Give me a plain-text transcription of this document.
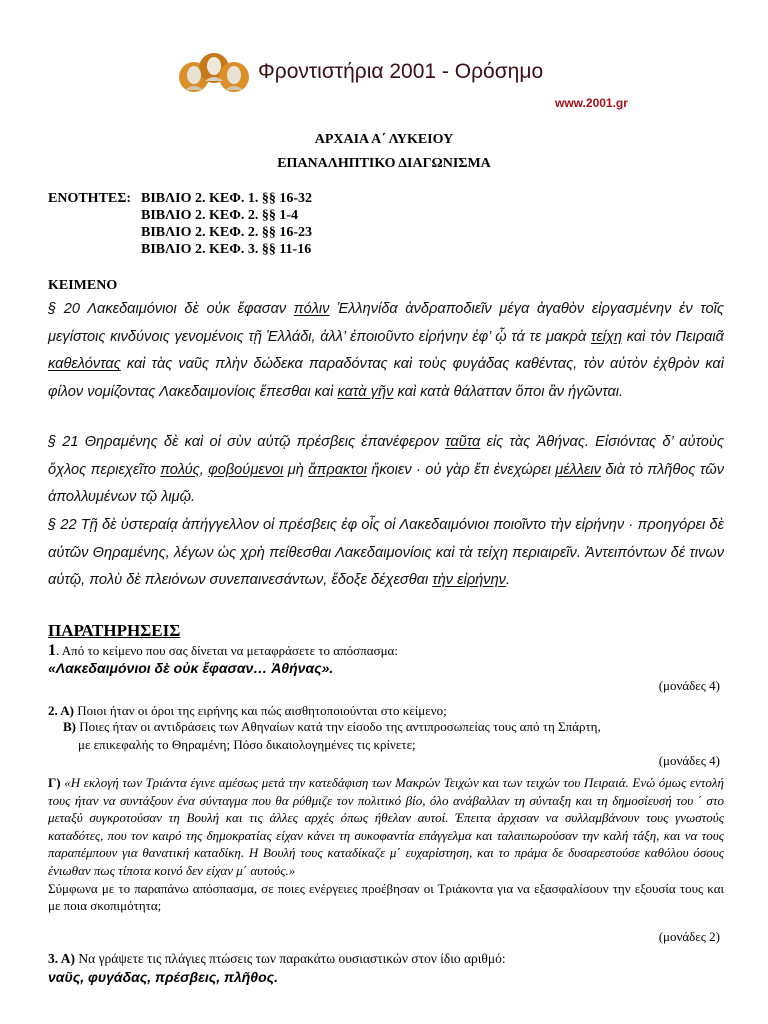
Φροντιστήρια 2001 - Ορόσημο
www.2001.gr
ΑΡΧΑΙΑ Α΄ ΛΥΚΕΙΟΥ
ΕΠΑΝΑΛΗΠΤΙΚΟ ΔΙΑΓΩΝΙΣΜΑ
ΕΝΟΤΗΤΕΣ: ΒΙΒΛΙΟ 2. ΚΕΦ. 1. §§ 16-32
ΒΙΒΛΙΟ 2. ΚΕΦ. 2. §§ 1-4
ΒΙΒΛΙΟ 2. ΚΕΦ. 2. §§ 16-23
ΒΙΒΛΙΟ 2. ΚΕΦ. 3. §§ 11-16
ΚΕΙΜΕΝΟ
§ 20 Λακεδαιμόνιοι δὲ οὐκ ἔφασαν πόλιν Ἑλληνίδα ἀνδραποδιεῖν μέγα ἀγαθὸν εἰργασμένην ἐν τοῖς μεγίστοις κινδύνοις γενομένοις τῇ Ἑλλάδι, ἀλλ’ ἐποιοῦντο εἰρήνην ἐφ’ ᾧ τά τε μακρὰ τείχη καὶ τὸν Πειραιᾶ καθελόντας καὶ τὰς ναῦς πλὴν δώδεκα παραδόντας καὶ τοὺς φυγάδας καθέντας, τὸν αὐτὸν ἐχθρὸν καὶ φίλον νομίζοντας Λακεδαιμονίοις ἕπεσθαι καὶ κατὰ γῆν καὶ κατὰ θάλατταν ὅποι ἂν ἡγῶνται.
§ 21 Θηραμένης δὲ καὶ οἱ σὺν αὐτῷ πρέσβεις ἐπανέφερον ταῦτα εἰς τὰς Ἀθήνας. Εἰσιόντας δ’ αὐτοὺς ὄχλος περιεχεῖτο πολύς, φοβούμενοι μὴ ἄπρακτοι ἥκοιεν · οὐ γὰρ ἔτι ἐνεχώρει μέλλειν διὰ τὸ πλῆθος τῶν ἀπολλυμένων τῷ λιμῷ.
§ 22 Τῇ δὲ ὑστεραίᾳ ἀπήγγελλον οἱ πρέσβεις ἐφ οἷς οἱ Λακεδαιμόνιοι ποιοῖντο τὴν εἰρήνην · προηγόρει δὲ αὐτῶν Θηραμένης, λέγων ὡς χρὴ πείθεσθαι Λακεδαιμονίοις καὶ τὰ τείχη περιαιρεῖν. Ἀντειπόντων δέ τινων αὐτῷ, πολὺ δὲ πλειόνων συνεπαινεσάντων, ἔδοξε δέχεσθαι τὴν εἰρήνην.
ΠΑΡΑΤΗΡΗΣΕΙΣ
1. Από το κείμενο που σας δίνεται να μεταφράσετε το απόσπασμα:
«Λακεδαιμόνιοι δὲ οὐκ ἔφασαν… Ἀθήνας».
(μονάδες 4)
2. Α) Ποιοι ήταν οι όροι της ειρήνης και πώς αισθητοποιούνται στο κείμενο;
Β) Ποιες ήταν οι αντιδράσεις των Αθηναίων κατά την είσοδο της αντιπροσωπείας τους από τη Σπάρτη,
με επικεφαλής το Θηραμένη; Πόσο δικαιολογημένες τις κρίνετε;
(μονάδες 4)
Γ) «Η εκλογή των Τριάντα έγινε αμέσως μετά την κατεδάφιση των Μακρών Τειχών και των τειχών του Πειραιά. Ενώ όμως εντολή τους ήταν να συντάξουν ένα σύνταγμα που θα ρύθμιζε τον πολιτικό βίο, όλο ανάβαλλαν τη σύνταξη και τη δημοσίευσή του ΄ στο μεταξύ συγκροτούσαν τη Βουλή και τις άλλες αρχές όπως ήθελαν αυτοί. Έπειτα άρχισαν να συλλαμβάνουν τους γνωστούς καταδότες, που τον καιρό της δημοκρατίας είχαν κάνει τη συκοφαντία επάγγελμα και ταλαιπωρούσαν την καλή τάξη, και να τους παραπέμπουν για θανατική καταδίκη. Η Βουλή τους καταδίκαζε μ΄ ευχαρίστηση, και το πράμα δε δυσαρεστούσε καθόλου όσους ένιωθαν πως τίποτα κοινό δεν είχαν μ΄ αυτούς.»
Σύμφωνα με το παραπάνω απόσπασμα, σε ποιες ενέργειες προέβησαν οι Τριάκοντα για να εξασφαλίσουν την εξουσία τους και με ποια σκοπιμότητα;
(μονάδες 2)
3. Α) Να γράψετε τις πλάγιες πτώσεις των παρακάτω ουσιαστικών στον ίδιο αριθμό:
ναῦς, φυγάδας, πρέσβεις, πλῆθος.
